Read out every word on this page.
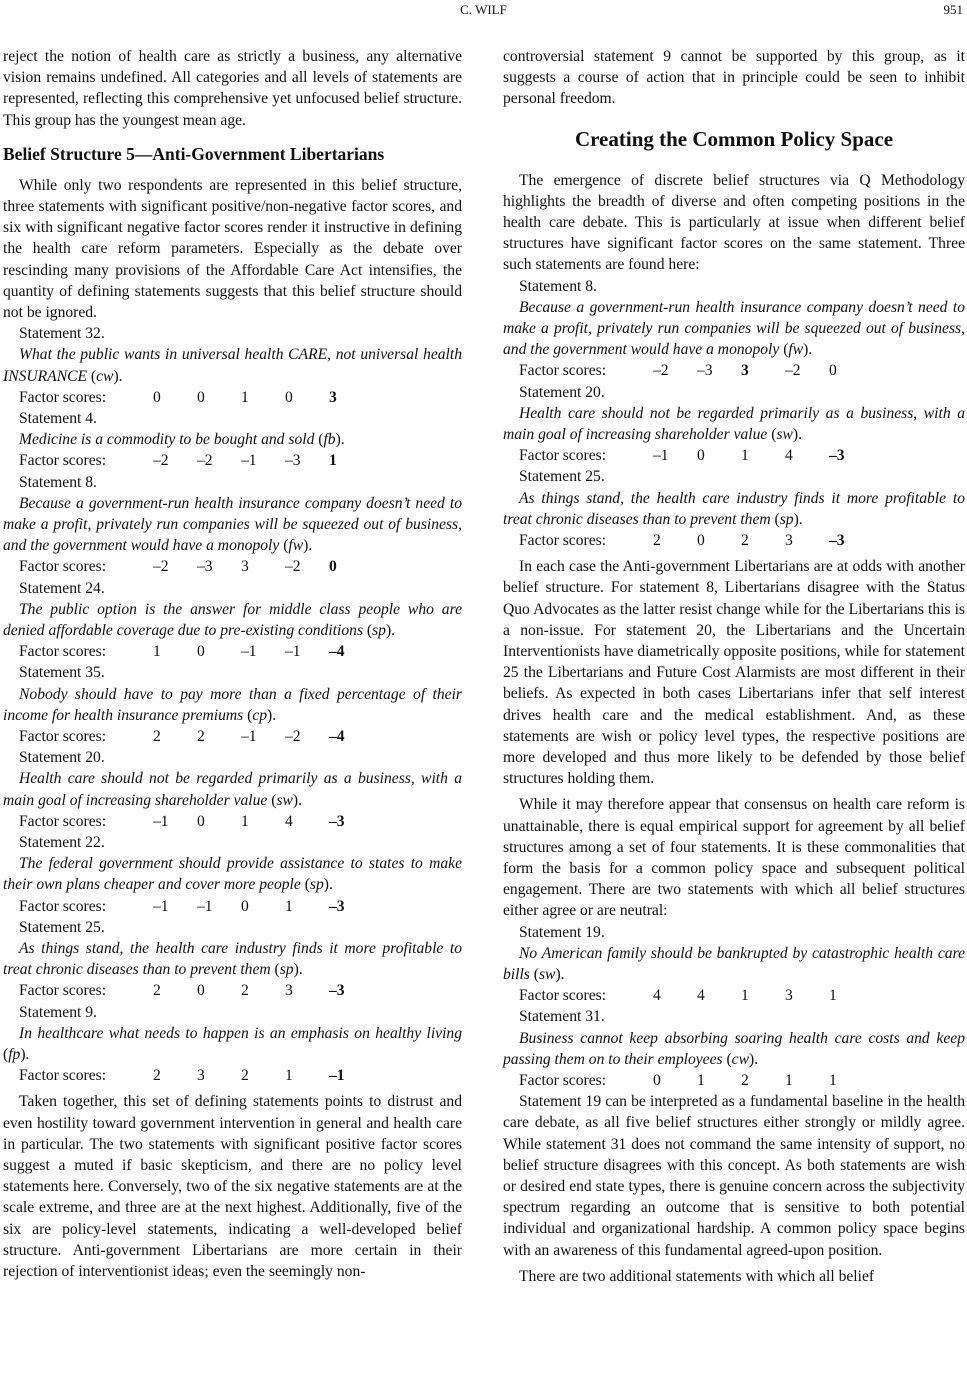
C. WILF	951

reject the notion of health care as strictly a business, any alternative vision remains undefined. All categories and all levels of statements are represented, reflecting this comprehensive yet unfocused belief structure. This group has the youngest mean age.

Belief Structure 5—Anti-Government Libertarians

While only two respondents are represented in this belief structure, three statements with significant positive/non-negative factor scores, and six with significant negative factor scores render it instructive in defining the health care reform parameters. Especially as the debate over rescinding many provisions of the Affordable Care Act intensifies, the quantity of defining statements suggests that this belief structure should not be ignored.

Statement 32.

What the public wants in universal health CARE, not universal health INSURANCE (cw).

Factor scores:	0 0 1 0 3

Statement 4.

Medicine is a commodity to be bought and sold (fb).

Factor scores:	–2 –2 –1 –3 1

Statement 8.

Because a government-run health insurance company doesn’t need to make a profit, privately run companies will be squeezed out of business, and the government would have a monopoly (fw).

Factor scores:	–2 –3 3 –2 0

Statement 24.

The public option is the answer for middle class people who are denied affordable coverage due to pre-existing conditions (sp).

Factor scores:	1 0 –1 –1 –4

Statement 35.

Nobody should have to pay more than a fixed percentage of their income for health insurance premiums (cp).

Factor scores:	2 2 –1 –2 –4

Statement 20.

Health care should not be regarded primarily as a business, with a main goal of increasing shareholder value (sw).

Factor scores:	–1 0 1 4 –3

Statement 22.

The federal government should provide assistance to states to make their own plans cheaper and cover more people (sp).

Factor scores:	–1 –1 0 1 –3

Statement 25.

As things stand, the health care industry finds it more profitable to treat chronic diseases than to prevent them (sp).

Factor scores:	2 0 2 3 –3

Statement 9.

In healthcare what needs to happen is an emphasis on healthy living (fp).

Factor scores:	2 3 2 1 –1

Taken together, this set of defining statements points to distrust and even hostility toward government intervention in general and health care in particular. The two statements with significant positive factor scores suggest a muted if basic skepticism, and there are no policy level statements here. Conversely, two of the six negative statements are at the scale extreme, and three are at the next highest. Additionally, five of the six are policy-level statements, indicating a well-developed belief structure. Anti-government Libertarians are more certain in their rejection of interventionist ideas; even the seemingly non-

controversial statement 9 cannot be supported by this group, as it suggests a course of action that in principle could be seen to inhibit personal freedom.

Creating the Common Policy Space

The emergence of discrete belief structures via Q Methodology highlights the breadth of diverse and often competing positions in the health care debate. This is particularly at issue when different belief structures have significant factor scores on the same statement. Three such statements are found here:

Statement 8.

Because a government-run health insurance company doesn’t need to make a profit, privately run companies will be squeezed out of business, and the government would have a monopoly (fw).

Factor scores:	–2 –3 3 –2 0

Statement 20.

Health care should not be regarded primarily as a business, with a main goal of increasing shareholder value (sw).

Factor scores:	–1 0 1 4 –3

Statement 25.

As things stand, the health care industry finds it more profitable to treat chronic diseases than to prevent them (sp).

Factor scores:	2 0 2 3 –3

In each case the Anti-government Libertarians are at odds with another belief structure. For statement 8, Libertarians disagree with the Status Quo Advocates as the latter resist change while for the Libertarians this is a non-issue. For statement 20, the Libertarians and the Uncertain Interventionists have diametrically opposite positions, while for statement 25 the Libertarians and Future Cost Alarmists are most different in their beliefs. As expected in both cases Libertarians infer that self interest drives health care and the medical establishment. And, as these statements are wish or policy level types, the respective positions are more developed and thus more likely to be defended by those belief structures holding them.

While it may therefore appear that consensus on health care reform is unattainable, there is equal empirical support for agreement by all belief structures among a set of four statements. It is these commonalities that form the basis for a common policy space and subsequent political engagement. There are two statements with which all belief structures either agree or are neutral:

Statement 19.

No American family should be bankrupted by catastrophic health care bills (sw).

Factor scores:	4 4 1 3 1

Statement 31.

Business cannot keep absorbing soaring health care costs and keep passing them on to their employees (cw).

Factor scores:	0 1 2 1 1

Statement 19 can be interpreted as a fundamental baseline in the health care debate, as all five belief structures either strongly or mildly agree. While statement 31 does not command the same intensity of support, no belief structure disagrees with this concept. As both statements are wish or desired end state types, there is genuine concern across the subjectivity spectrum regarding an outcome that is sensitive to both potential individual and organizational hardship. A common policy space begins with an awareness of this fundamental agreed-upon position.

There are two additional statements with which all belief
